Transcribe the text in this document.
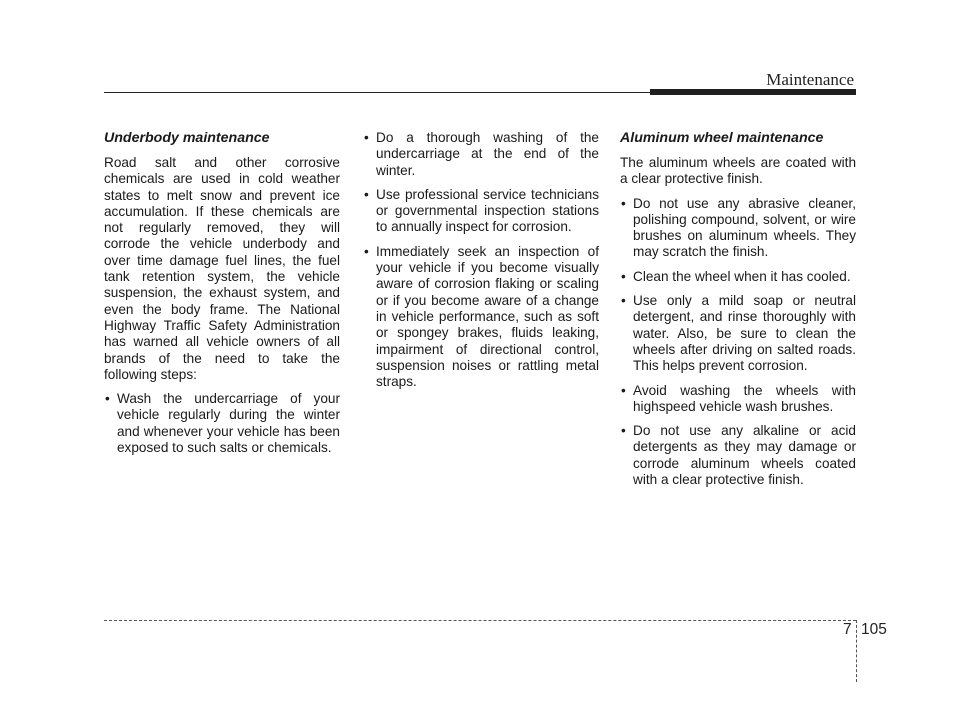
Maintenance
Underbody maintenance

Road salt and other corrosive chemicals are used in cold weather states to melt snow and prevent ice accumulation. If these chemicals are not regularly removed, they will corrode the vehicle underbody and over time damage fuel lines, the fuel tank retention system, the vehicle suspension, the exhaust system, and even the body frame. The National Highway Traffic Safety Administration has warned all vehicle owners of all brands of the need to take the following steps:

• Wash the undercarriage of your vehicle regularly during the winter and whenever your vehicle has been exposed to such salts or chemicals.
• Do a thorough washing of the undercarriage at the end of the winter.
• Use professional service technicians or governmental inspection stations to annually inspect for corrosion.
• Immediately seek an inspection of your vehicle if you become visually aware of corrosion flaking or scaling or if you become aware of a change in vehicle performance, such as soft or spongey brakes, fluids leaking, impairment of directional control, suspension noises or rattling metal straps.
Aluminum wheel maintenance

The aluminum wheels are coated with a clear protective finish.

• Do not use any abrasive cleaner, polishing compound, solvent, or wire brushes on aluminum wheels. They may scratch the finish.
• Clean the wheel when it has cooled.
• Use only a mild soap or neutral detergent, and rinse thoroughly with water. Also, be sure to clean the wheels after driving on salted roads. This helps prevent corrosion.
• Avoid washing the wheels with highspeed vehicle wash brushes.
• Do not use any alkaline or acid detergents as they may damage or corrode aluminum wheels coated with a clear protective finish.
7 105
